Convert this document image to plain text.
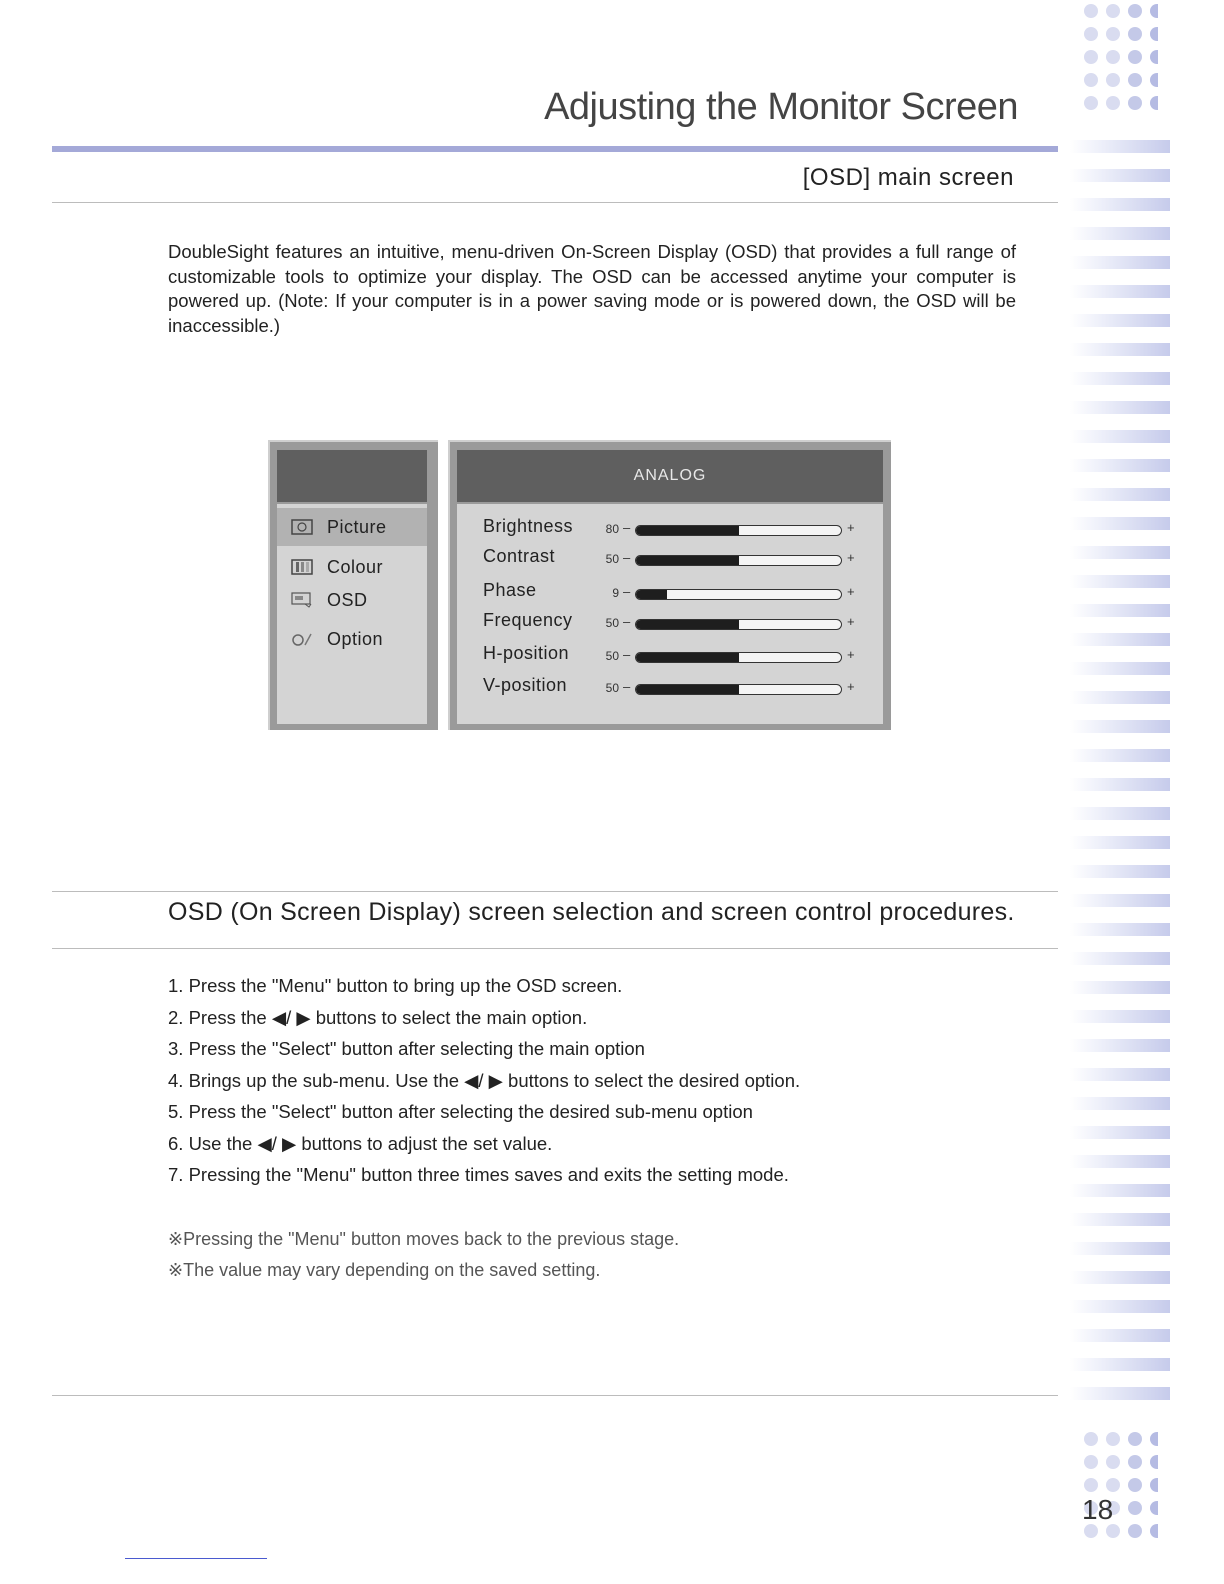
Adjusting the Monitor Screen
[OSD] main screen

DoubleSight features an intuitive, menu-driven On-Screen Display (OSD) that provides a full range of customizable tools to optimize your display. The OSD can be accessed anytime your computer is powered up. (Note: If your computer is in a power saving mode or is powered down, the OSD will be inaccessible.)

Picture
Colour
OSD
Option
ANALOG
Brightness	80 –	+
Contrast	50 –	+
Phase	9 –	+
Frequency	50 –	+
H-position	50 –	+
V-position	50 –	+
OSD (On Screen Display) screen selection and screen control procedures.
1. Press the "Menu" button to bring up the OSD screen.
2. Press the ◀/ ▶ buttons to select the main option.
3. Press the "Select" button after selecting the main option
4. Brings up the sub-menu. Use the ◀/ ▶ buttons to select the desired option.
5. Press the "Select" button after selecting the desired sub-menu option
6. Use the ◀/ ▶ buttons to adjust the set value.
7. Pressing the "Menu" button three times saves and exits the setting mode.
※Pressing the "Menu" button moves back to the previous stage.
※The value may vary depending on the saved setting.
18
